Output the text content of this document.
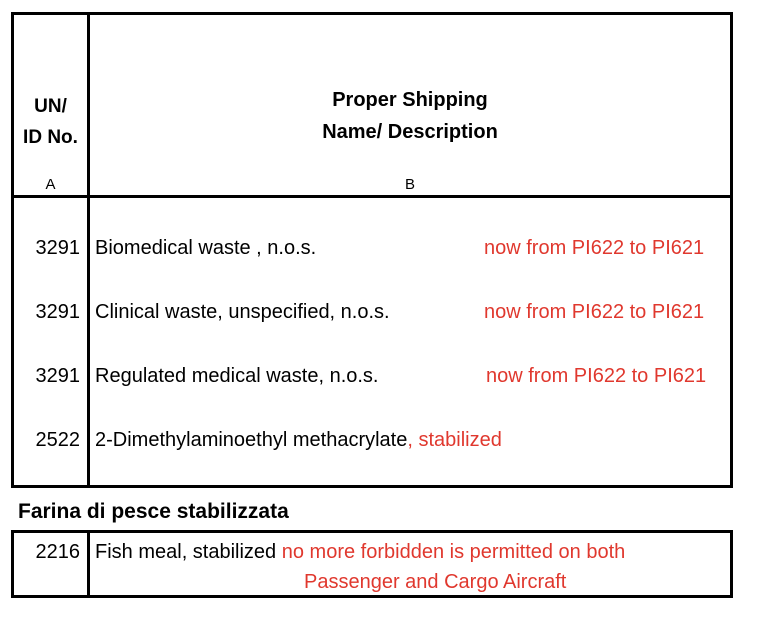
UN/
ID No.
Proper Shipping
Name/ Description
A	B
3291 Biomedical waste , n.o.s.	now from PI622 to PI621
3291 Clinical waste, unspecified, n.o.s.	now from PI622 to PI621
3291 Regulated medical waste, n.o.s.	now from PI622 to PI621
2522 2-Dimethylaminoethyl methacrylate, stabilized
Farina di pesce stabilizzata
2216 Fish meal, stabilized no more forbidden is permitted on both
Passenger and Cargo Aircraft
